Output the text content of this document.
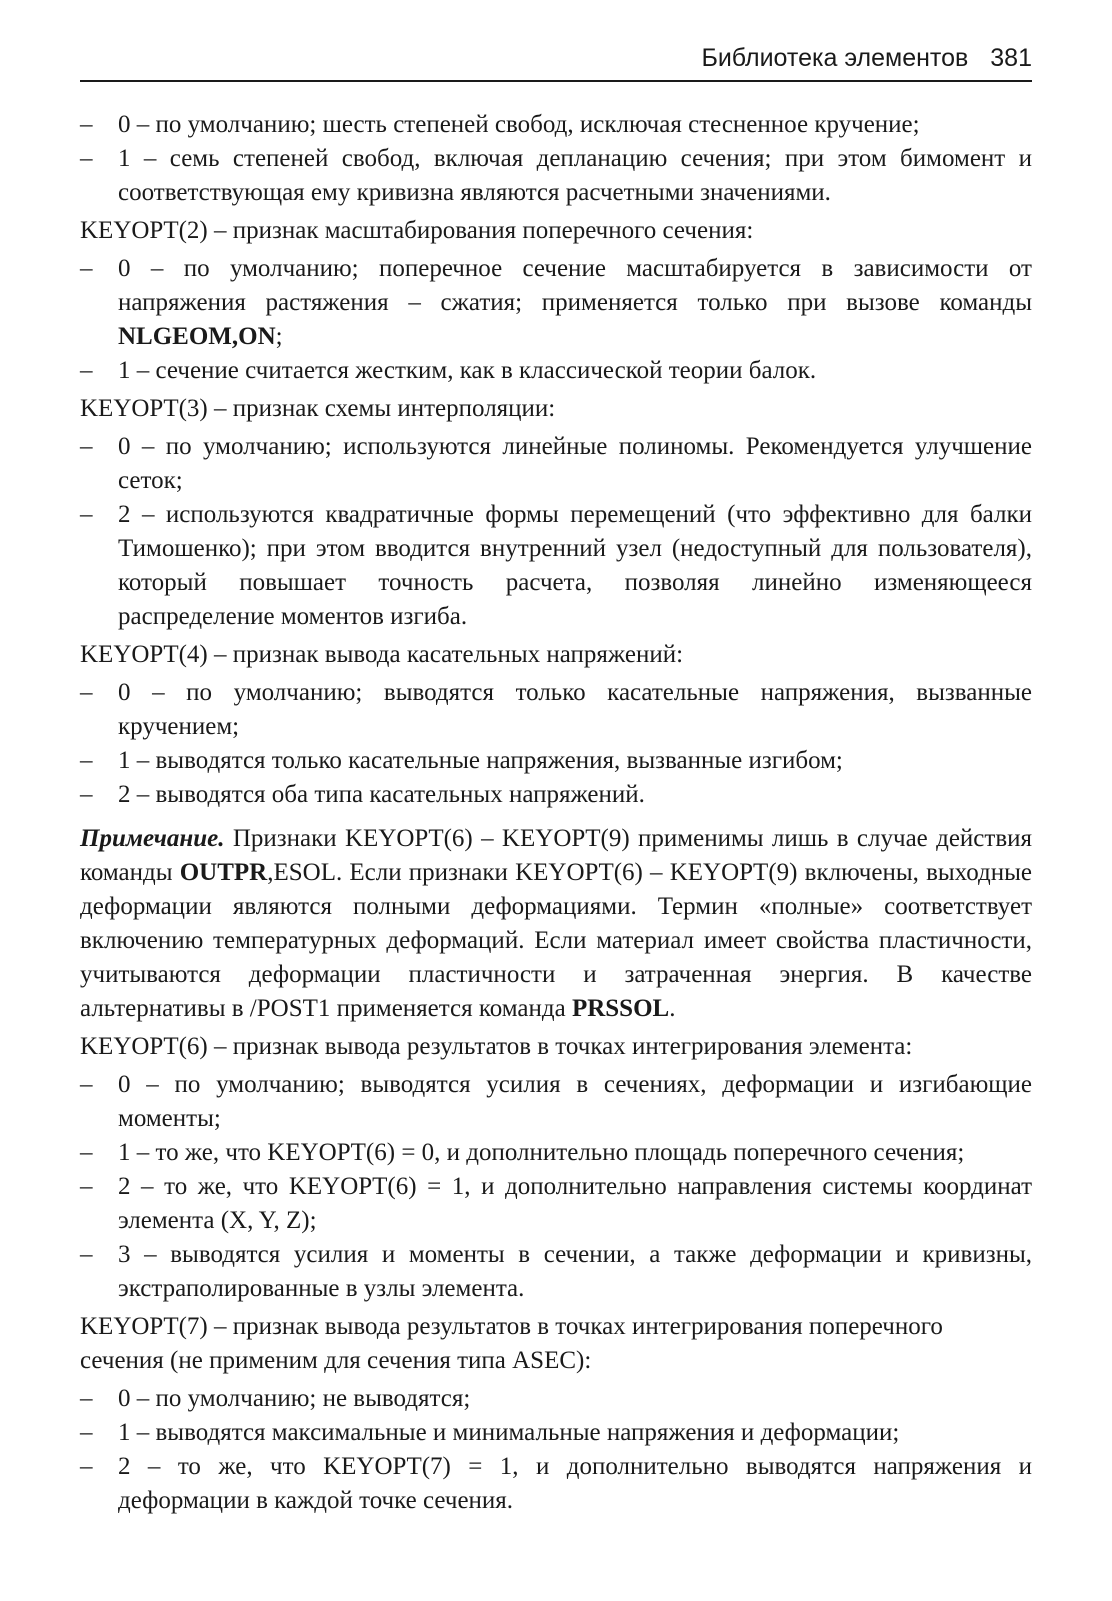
Библиотека элементов 381
– 0 – по умолчанию; шесть степеней свобод, исключая стесненное кручение;
– 1 – семь степеней свобод, включая депланацию сечения; при этом бимомент и соответствующая ему кривизна являются расчетными значениями.
KEYOPT(2) – признак масштабирования поперечного сечения:
– 0 – по умолчанию; поперечное сечение масштабируется в зависимости от напряжения растяжения – сжатия; применяется только при вызове команды NLGEOM,ON;
– 1 – сечение считается жестким, как в классической теории балок.
KEYOPT(3) – признак схемы интерполяции:
– 0 – по умолчанию; используются линейные полиномы. Рекомендуется улучшение сеток;
– 2 – используются квадратичные формы перемещений (что эффективно для балки Тимошенко); при этом вводится внутренний узел (недоступный для пользователя), который повышает точность расчета, позволяя линейно изменяющееся распределение моментов изгиба.
KEYOPT(4) – признак вывода касательных напряжений:
– 0 – по умолчанию; выводятся только касательные напряжения, вызванные кручением;
– 1 – выводятся только касательные напряжения, вызванные изгибом;
– 2 – выводятся оба типа касательных напряжений.
Примечание. Признаки KEYOPT(6) – KEYOPT(9) применимы лишь в случае действия команды OUTPR,ESOL. Если признаки KEYOPT(6) – KEYOPT(9) включены, выходные деформации являются полными деформациями. Термин «полные» соответствует включению температурных деформаций. Если материал имеет свойства пластичности, учитываются деформации пластичности и затраченная энергия. В качестве альтернативы в /POST1 применяется команда PRSSOL.
KEYOPT(6) – признак вывода результатов в точках интегрирования элемента:
– 0 – по умолчанию; выводятся усилия в сечениях, деформации и изгибающие моменты;
– 1 – то же, что KEYOPT(6) = 0, и дополнительно площадь поперечного сечения;
– 2 – то же, что KEYOPT(6) = 1, и дополнительно направления системы координат элемента (X, Y, Z);
– 3 – выводятся усилия и моменты в сечении, а также деформации и кривизны, экстраполированные в узлы элемента.
KEYOPT(7) – признак вывода результатов в точках интегрирования поперечного сечения (не применим для сечения типа ASEC):
– 0 – по умолчанию; не выводятся;
– 1 – выводятся максимальные и минимальные напряжения и деформации;
– 2 – то же, что KEYOPT(7) = 1, и дополнительно выводятся напряжения и деформации в каждой точке сечения.
